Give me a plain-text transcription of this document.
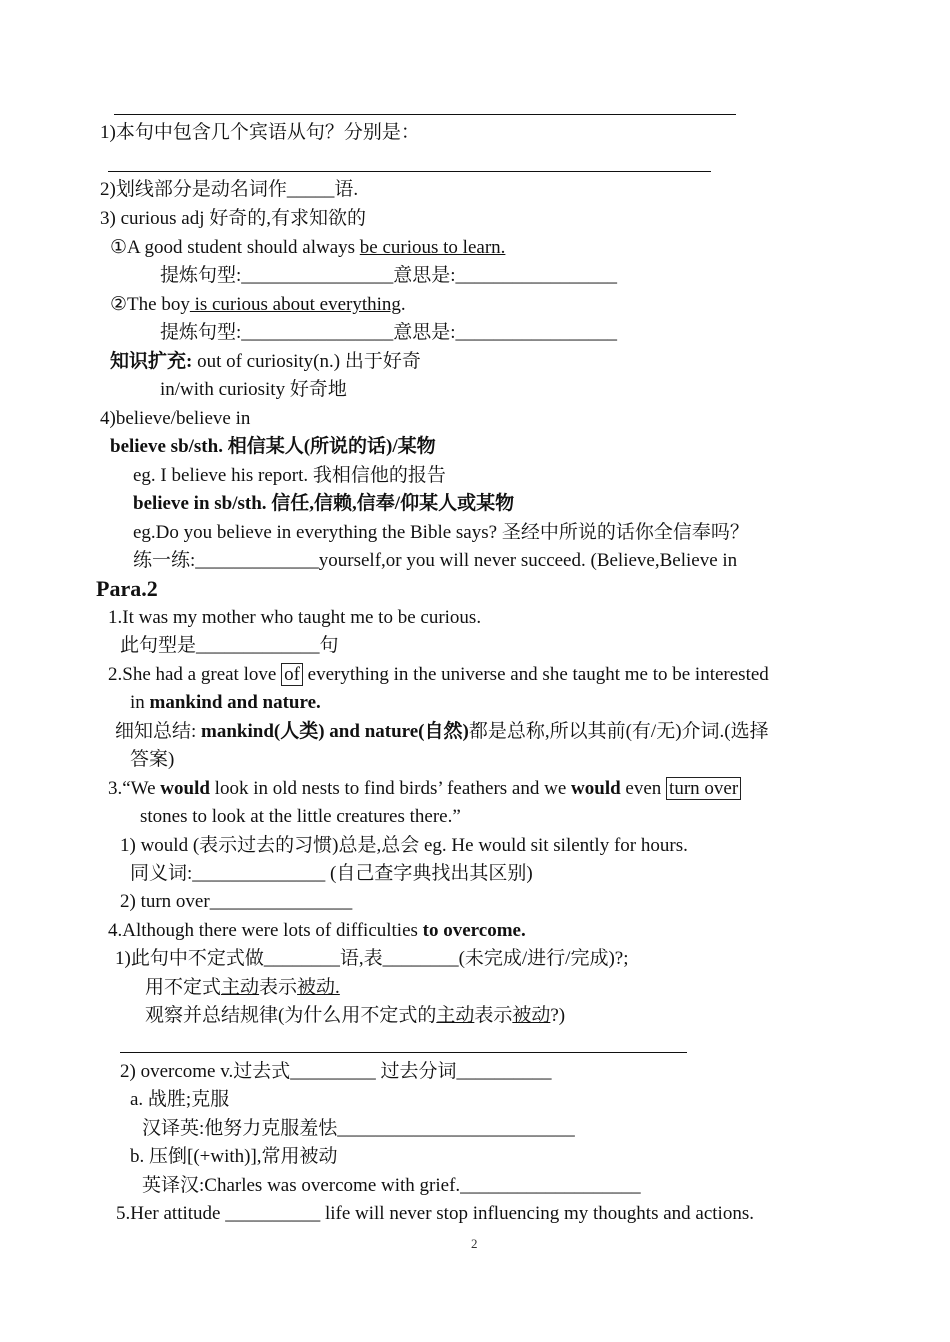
1)本句中包含几个宾语从句？分别是：
2)划线部分是动名词作_____语.
3) curious adj 好奇的,有求知欲的
①A good student should always be curious to learn.
提炼句型:________________意思是:_________________
②The boy is curious about everything.
提炼句型:________________意思是:_________________
知识扩充: out of curiosity(n.) 出于好奇
in/with curiosity 好奇地
4)believe/believe in
believe sb/sth. 相信某人(所说的话)/某物
eg. I believe his report. 我相信他的报告
believe in sb/sth. 信任,信赖,信奉/仰某人或某物
eg.Do you believe in everything the Bible says? 圣经中所说的话你全信奉吗？
练一练:_____________yourself,or you will never succeed. (Believe,Believe in
Para.2
1.It was my mother who taught me to be curious.
此句型是_____________句
2.She had a great love of everything in the universe and she taught me to be interested
in mankind and nature.
细知总结: mankind(人类) and nature(自然)都是总称,所以其前(有/无)介词.(选择
答案)
3.“We would look in old nests to find birds’ feathers and we would even turn over
stones to look at the little creatures there.”
1) would (表示过去的习惯)总是,总会 eg. He would sit silently for hours.
同义词:______________ (自己查字典找出其区别)
2) turn over_______________
4.Although there were lots of difficulties to overcome.
1)此句中不定式做________语,表________(未完成/进行/完成)?;
用不定式主动表示被动.
观察并总结规律(为什么用不定式的主动表示被动?)
2) overcome v.过去式_________ 过去分词__________
a. 战胜;克服
汉译英:他努力克服羞怯_________________________
b. 压倒[(+with)],常用被动
英译汉:Charles was overcome with grief.___________________
5.Her attitude __________ life will never stop influencing my thoughts and actions.
2
